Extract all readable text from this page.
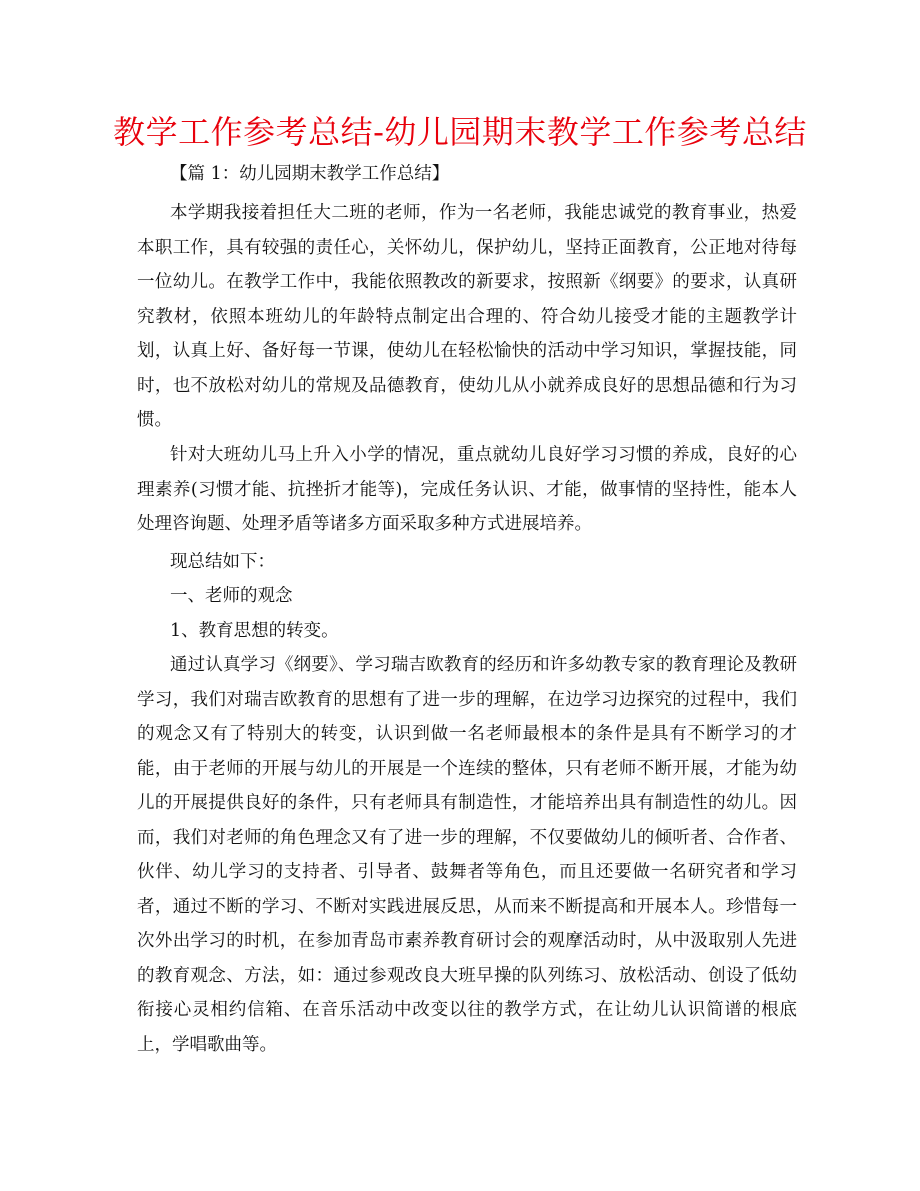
教学工作参考总结-幼儿园期末教学工作参考总结
【篇 1：幼儿园期末教学工作总结】

本学期我接着担任大二班的老师，作为一名老师，我能忠诚党的教育事业，热爱本职工作，具有较强的责任心，关怀幼儿，保护幼儿，坚持正面教育，公正地对待每一位幼儿。在教学工作中，我能依照教改的新要求，按照新《纲要》的要求，认真研究教材，依照本班幼儿的年龄特点制定出合理的、符合幼儿接受才能的主题教学计划，认真上好、备好每一节课，使幼儿在轻松愉快的活动中学习知识，掌握技能，同时，也不放松对幼儿的常规及品德教育，使幼儿从小就养成良好的思想品德和行为习惯。

针对大班幼儿马上升入小学的情况，重点就幼儿良好学习习惯的养成，良好的心理素养(习惯才能、抗挫折才能等)，完成任务认识、才能，做事情的坚持性，能本人处理咨询题、处理矛盾等诸多方面采取多种方式进展培养。

现总结如下：

一、老师的观念

1、教育思想的转变。

通过认真学习《纲要》、学习瑞吉欧教育的经历和许多幼教专家的教育理论及教研学习，我们对瑞吉欧教育的思想有了进一步的理解，在边学习边探究的过程中，我们的观念又有了特别大的转变，认识到做一名老师最根本的条件是具有不断学习的才能，由于老师的开展与幼儿的开展是一个连续的整体，只有老师不断开展，才能为幼儿的开展提供良好的条件，只有老师具有制造性，才能培养出具有制造性的幼儿。因而，我们对老师的角色理念又有了进一步的理解，不仅要做幼儿的倾听者、合作者、伙伴、幼儿学习的支持者、引导者、鼓舞者等角色，而且还要做一名研究者和学习者，通过不断的学习、不断对实践进展反思，从而来不断提高和开展本人。珍惜每一次外出学习的时机，在参加青岛市素养教育研讨会的观摩活动时，从中汲取别人先进的教育观念、方法，如：通过参观改良大班早操的队列练习、放松活动、创设了低幼衔接心灵相约信箱、在音乐活动中改变以往的教学方式，在让幼儿认识简谱的根底上，学唱歌曲等。
